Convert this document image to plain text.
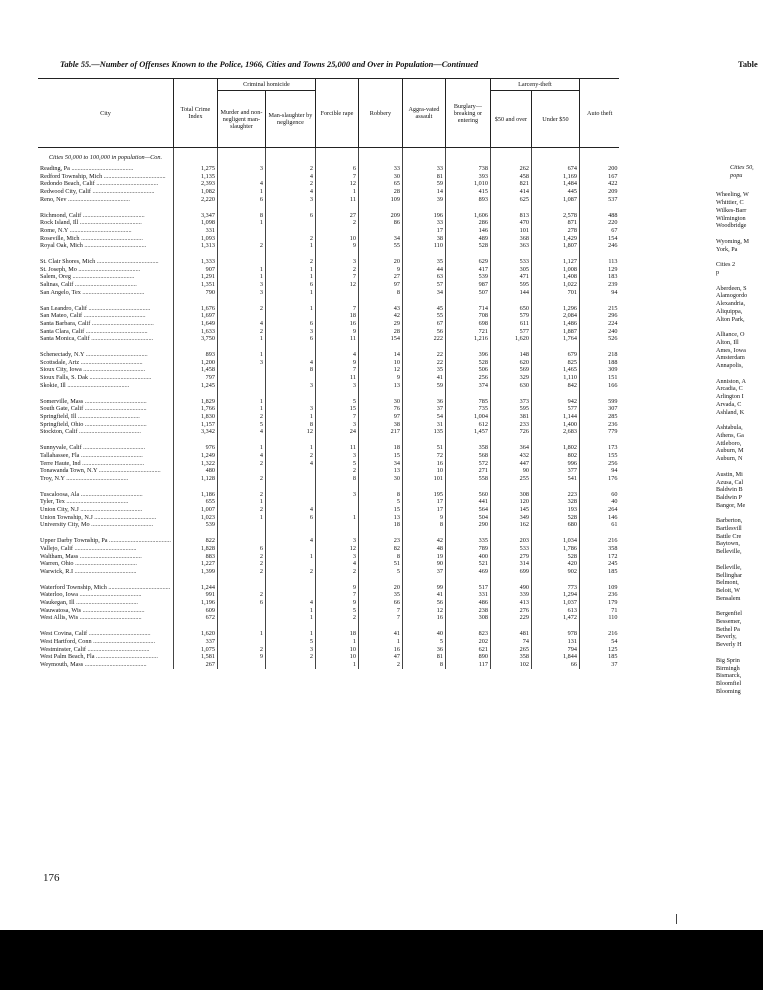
Table 55.—Number of Offenses Known to the Police, 1966, Cities and Towns 25,000 and Over in Population—Continued	Table
City	Total Crime Index	Criminal homicide		Forcible rape	Robbery	Aggra-vated assault	Burglary—breaking or entering	Larceny-theft		Auto theft
		Murder and non-negligent man-slaughter	Man-slaughter by negligence					$50 and over	Under $50	
Cities 50,000 to 100,000 in population—Con.										
Reading, Pa ........................................	1,275	3	2	6	33	33	738	262	674	200
Redford Township, Mich ........................................	1,135		4	7	30	81	393	458	1,169	167
Redondo Beach, Calif ........................................	2,393	4	2	12	65	59	1,010	821	1,484	422
Redwood City, Calif ........................................	1,082	1	4	1	28	14	415	414	445	209
Reno, Nev ........................................	2,220	6	3	11	109	39	893	625	1,087	537

Richmond, Calif ........................................	3,347	8	6	27	209	196	1,606	813	2,578	488
Rock Island, Ill ........................................	1,098	1		2	86	33	286	470	871	220
Rome, N.Y ........................................	331					17	146	101	278	67
Roseville, Mich ........................................	1,093		2	10	34	38	489	368	1,429	154
Royal Oak, Mich ........................................	1,313	2	1	9	55	110	528	363	1,807	246

St. Clair Shores, Mich ........................................	1,333		2	3	20	35	629	533	1,127	113
St. Joseph, Mo ........................................	907	1	1	2	9	44	417	305	1,008	129
Salem, Oreg ........................................	1,291	1	1	7	27	63	539	471	1,408	183
Salinas, Calif ........................................	1,351	3	6	12	97	57	987	595	1,022	239
San Angelo, Tex ........................................	790	3	1		8	34	507	144	701	94

San Leandro, Calif ........................................	1,676	2	1	7	43	45	714	650	1,296	215
San Mateo, Calif ........................................	1,697			18	42	55	708	579	2,084	296
Santa Barbara, Calif ........................................	1,649	4	6	16	29	67	698	611	1,486	224
Santa Clara, Calif ........................................	1,633	2	3	9	28	56	721	577	1,887	240
Santa Monica, Calif ........................................	3,750	1	6	11	154	222	1,216	1,620	1,764	526

Schenectady, N.Y ........................................	893	1		4	14	22	396	148	679	218
Scottsdale, Ariz ........................................	1,200	3	4	9	10	22	528	620	825	188
Sioux City, Iowa ........................................	1,458		8	7	12	35	506	569	1,465	309
Sioux Falls, S. Dak ........................................	797			11	9	41	256	329	1,110	151
Skokie, Ill ........................................	1,245		3	3	13	59	374	630	842	166

Somerville, Mass ........................................	1,829	1		5	30	36	785	373	942	599
South Gate, Calif ........................................	1,766	1	3	15	76	37	735	595	577	307
Springfield, Ill ........................................	1,830	2	1	7	97	54	1,004	381	1,144	285
Springfield, Ohio ........................................	1,157	5	8	3	38	31	612	233	1,400	236
Stockton, Calif ........................................	3,342	4	12	24	217	135	1,457	726	2,683	779

Sunnyvale, Calif ........................................	976	1	1	11	18	51	358	364	1,802	173
Tallahassee, Fla ........................................	1,249	4	2	3	15	72	568	432	802	155
Terre Haute, Ind ........................................	1,322	2	4	5	34	16	572	447	996	256
Tonawanda Town, N.Y ........................................	480			2	13	10	271	90	377	94
Troy, N.Y ........................................	1,128	2		8	30	101	558	255	541	176

Tuscaloosa, Ala ........................................	1,186	2		3	8	195	560	308	223	60
Tyler, Tex ........................................	655	1			5	17	441	120	328	40
Union City, N.J ........................................	1,007	2	4		15	17	564	145	193	264
Union Township, N.J ........................................	1,023	1	6	1	13	9	504	349	528	146
University City, Mo ........................................	539				18	8	290	162	680	61

Upper Darby Township, Pa ........................................	822		4	3	23	42	335	203	1,034	216
Vallejo, Calif ........................................	1,828	6		12	82	48	789	533	1,786	358
Waltham, Mass ........................................	883	2	1	3	8	19	400	279	528	172
Warren, Ohio ........................................	1,227	2		4	51	90	521	314	420	245
Warwick, R.I ........................................	1,399	2	2	2	5	37	469	699	902	185

Waterford Township, Mich ........................................	1,244			9	20	99	517	490	773	109
Waterloo, Iowa ........................................	991	2		7	35	41	331	339	1,294	236
Waukegan, Ill ........................................	1,196	6	4	9	66	56	486	413	1,037	179
Wauwatosa, Wis ........................................	609		1	5	7	12	238	276	613	71
West Allis, Wis ........................................	672		1	2	7	16	308	229	1,472	110

West Covina, Calif ........................................	1,620	1	1	18	41	40	823	481	978	216
West Hartford, Conn ........................................	337		5	1	1	5	202	74	131	54
Westminster, Calif ........................................	1,075	2	3	10	16	36	621	265	794	125
West Palm Beach, Fla ........................................	1,581	9	2	10	47	81	890	358	1,844	185
Weymouth, Mass ........................................	267			1	2	8	117	102	66	37
Cities 50,
popu
Wheeling, W
Whittier, C
Wilkes-Barr
Wilmington
Woodbridge
Wyoming, M
York, Pa
Cities 2
p
Aberdeen, S
Alamogordo
Alexandria,
Aliquippa,
Alton Park,
Alliance, O
Alton, Ill
Ames, Iowa
Amsterdam
Annapolis,
Anniston, A
Arcadia, C
Arlington I
Arvada, C
Ashland, K
Ashtabula,
Athens, Ga
Attleboro,
Auburn, M
Auburn, N
Austin, Mi
Azusa, Cal
Baldwin B
Baldwin P
Bangor, Me
Barberton,
Bartlesvill
Battle Cre
Baytown,
Belleville,
Belleville,
Bellinghar
Belmont,
Beloit, W
Bensalem
Bergenfiel
Bessemer,
Bethel Pa
Beverly,
Beverly H
Big Sprin
Birmingh
Bismarck,
Bloomfiel
Blooming
176
